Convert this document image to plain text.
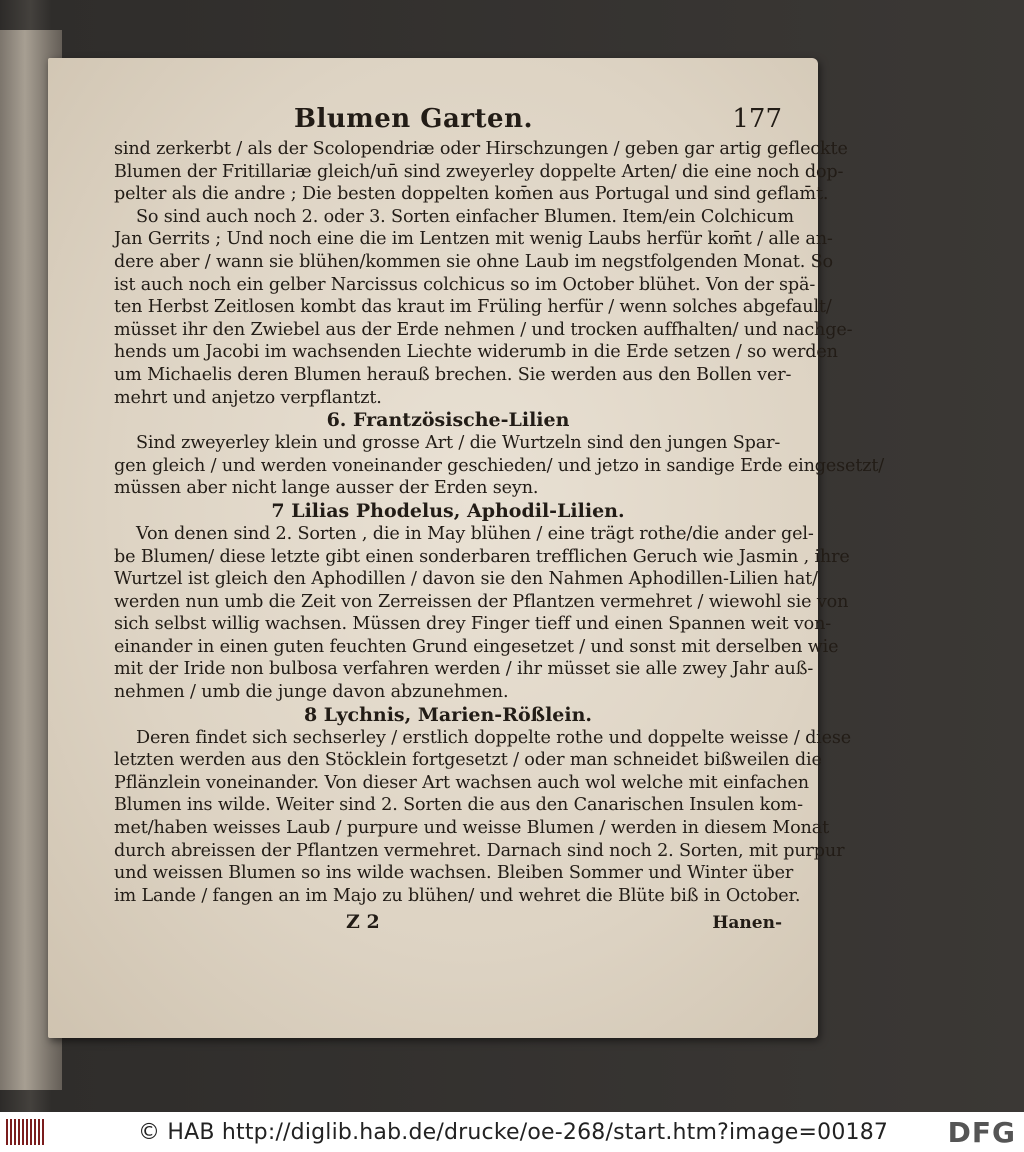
Blumen Garten.	177
sind zerkerbt / als der Scolopendriæ oder Hirschzungen / geben gar artig gefleckte
Blumen der Fritillariæ gleich/un̄ sind zweyerley doppelte Arten/ die eine noch dop-
pelter als die andre ; Die besten doppelten kom̄en aus Portugal und sind geflam̄t.
So sind auch noch 2. oder 3. Sorten einfacher Blumen. Item/ein Colchicum
Jan Gerrits ; Und noch eine die im Lentzen mit wenig Laubs herfür kom̄t / alle an-
dere aber / wann sie blühen/kommen sie ohne Laub im negstfolgenden Monat. So
ist auch noch ein gelber Narcissus colchicus so im October blühet. Von der spä-
ten Herbst Zeitlosen kombt das kraut im Früling herfür / wenn solches abgefault/
müsset ihr den Zwiebel aus der Erde nehmen / und trocken auffhalten/ und nachge-
hends um Jacobi im wachsenden Liechte widerumb in die Erde setzen / so werden
um Michaelis deren Blumen herauß brechen. Sie werden aus den Bollen ver-
mehrt und anjetzo verpflantzt.
6. Frantzösische-Lilien
Sind zweyerley klein und grosse Art / die Wurtzeln sind den jungen Spar-
gen gleich / und werden voneinander geschieden/ und jetzo in sandige Erde eingesetzt/
müssen aber nicht lange ausser der Erden seyn.
7 Lilias Phodelus, Aphodil-Lilien.
Von denen sind 2. Sorten , die in May blühen / eine trägt rothe/die ander gel-
be Blumen/ diese letzte gibt einen sonderbaren trefflichen Geruch wie Jasmin , ihre
Wurtzel ist gleich den Aphodillen / davon sie den Nahmen Aphodillen-Lilien hat/
werden nun umb die Zeit von Zerreissen der Pflantzen vermehret / wiewohl sie von
sich selbst willig wachsen. Müssen drey Finger tieff und einen Spannen weit von-
einander in einen guten feuchten Grund eingesetzet / und sonst mit derselben wie
mit der Iride non bulbosa verfahren werden / ihr müsset sie alle zwey Jahr auß-
nehmen / umb die junge davon abzunehmen.
8 Lychnis, Marien-Rößlein.
Deren findet sich sechserley / erstlich doppelte rothe und doppelte weisse / diese
letzten werden aus den Stöcklein fortgesetzt / oder man schneidet bißweilen die
Pflänzlein voneinander. Von dieser Art wachsen auch wol welche mit einfachen
Blumen ins wilde. Weiter sind 2. Sorten die aus den Canarischen Insulen kom-
met/haben weisses Laub / purpure und weisse Blumen / werden in diesem Monat
durch abreissen der Pflantzen vermehret. Darnach sind noch 2. Sorten, mit purpur
und weissen Blumen so ins wilde wachsen. Bleiben Sommer und Winter über
im Lande / fangen an im Majo zu blühen/ und wehret die Blüte biß in October.
Z 2	Hanen-
© HAB http://diglib.hab.de/drucke/oe-268/start.htm?image=00187 DFG
